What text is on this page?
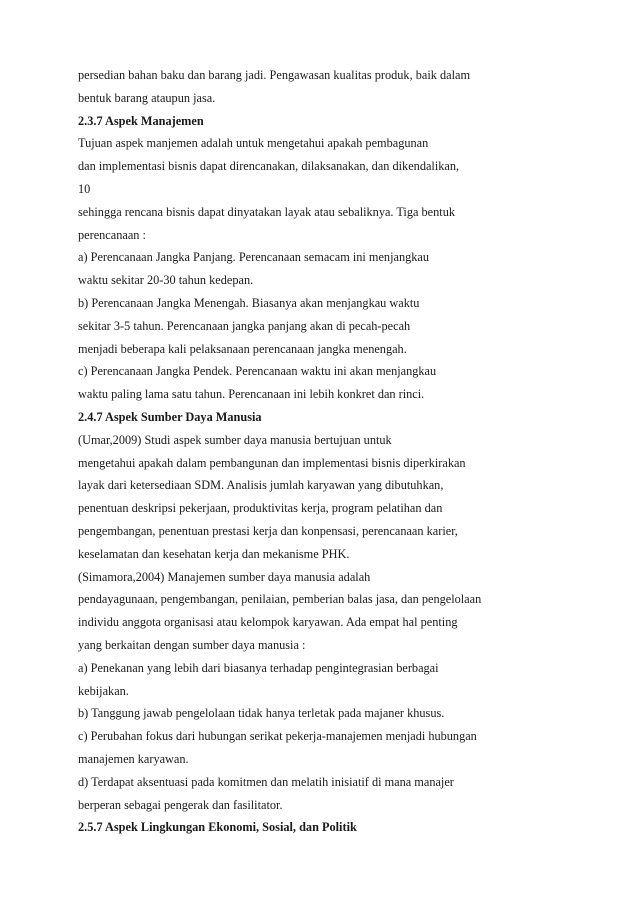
persedian bahan baku dan barang jadi. Pengawasan kualitas produk, baik dalam
bentuk barang ataupun jasa.
2.3.7 Aspek Manajemen
Tujuan aspek manjemen adalah untuk mengetahui apakah pembagunan
dan implementasi bisnis dapat direncanakan, dilaksanakan, dan dikendalikan,
10
sehingga rencana bisnis dapat dinyatakan layak atau sebaliknya. Tiga bentuk
perencanaan :
a) Perencanaan Jangka Panjang. Perencanaan semacam ini menjangkau
waktu sekitar 20-30 tahun kedepan.
b) Perencanaan Jangka Menengah. Biasanya akan menjangkau waktu
sekitar 3-5 tahun. Perencanaan jangka panjang akan di pecah-pecah
menjadi beberapa kali pelaksanaan perencanaan jangka menengah.
c) Perencanaan Jangka Pendek. Perencanaan waktu ini akan menjangkau
waktu paling lama satu tahun. Perencanaan ini lebih konkret dan rinci.
2.4.7 Aspek Sumber Daya Manusia
(Umar,2009) Studi aspek sumber daya manusia bertujuan untuk
mengetahui apakah dalam pembangunan dan implementasi bisnis diperkirakan
layak dari ketersediaan SDM. Analisis jumlah karyawan yang dibutuhkan,
penentuan deskripsi pekerjaan, produktivitas kerja, program pelatihan dan
pengembangan, penentuan prestasi kerja dan konpensasi, perencanaan karier,
keselamatan dan kesehatan kerja dan mekanisme PHK.
(Simamora,2004) Manajemen sumber daya manusia adalah
pendayagunaan, pengembangan, penilaian, pemberian balas jasa, dan pengelolaan
individu anggota organisasi atau kelompok karyawan. Ada empat hal penting
yang berkaitan dengan sumber daya manusia :
a) Penekanan yang lebih dari biasanya terhadap pengintegrasian berbagai
kebijakan.
b) Tanggung jawab pengelolaan tidak hanya terletak pada majaner khusus.
c) Perubahan fokus dari hubungan serikat pekerja-manajemen menjadi hubungan
manajemen karyawan.
d) Terdapat aksentuasi pada komitmen dan melatih inisiatif di mana manajer
berperan sebagai pengerak dan fasilitator.
2.5.7 Aspek Lingkungan Ekonomi, Sosial, dan Politik
